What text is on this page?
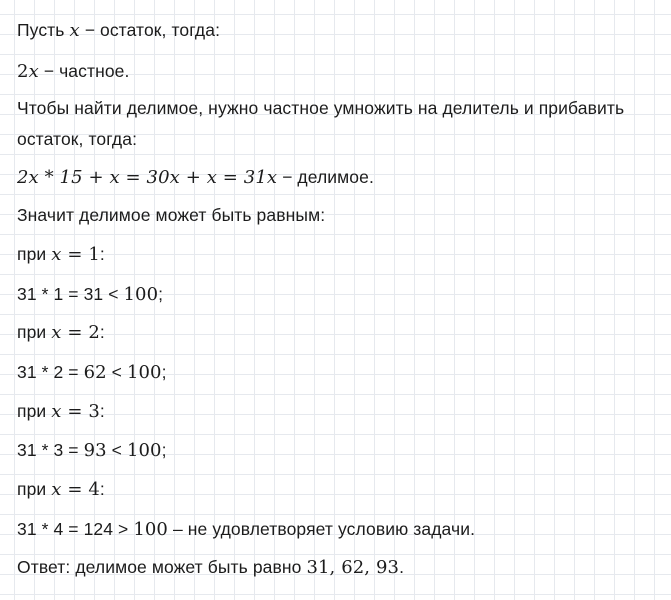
Пусть x − остаток, тогда:
2x − частное.
Чтобы найти делимое, нужно частное умножить на делитель и прибавить
остаток, тогда:
2x * 15 + x = 30x + x = 31x − делимое.
Значит делимое может быть равным:
при x = 1:
31 * 1 = 31 < 100;
при x = 2:
31 * 2 = 62 < 100;
при x = 3:
31 * 3 = 93 < 100;
при x = 4:
31 * 4 = 124 > 100 – не удовлетворяет условию задачи.
Ответ: делимое может быть равно 31, 62, 93.
